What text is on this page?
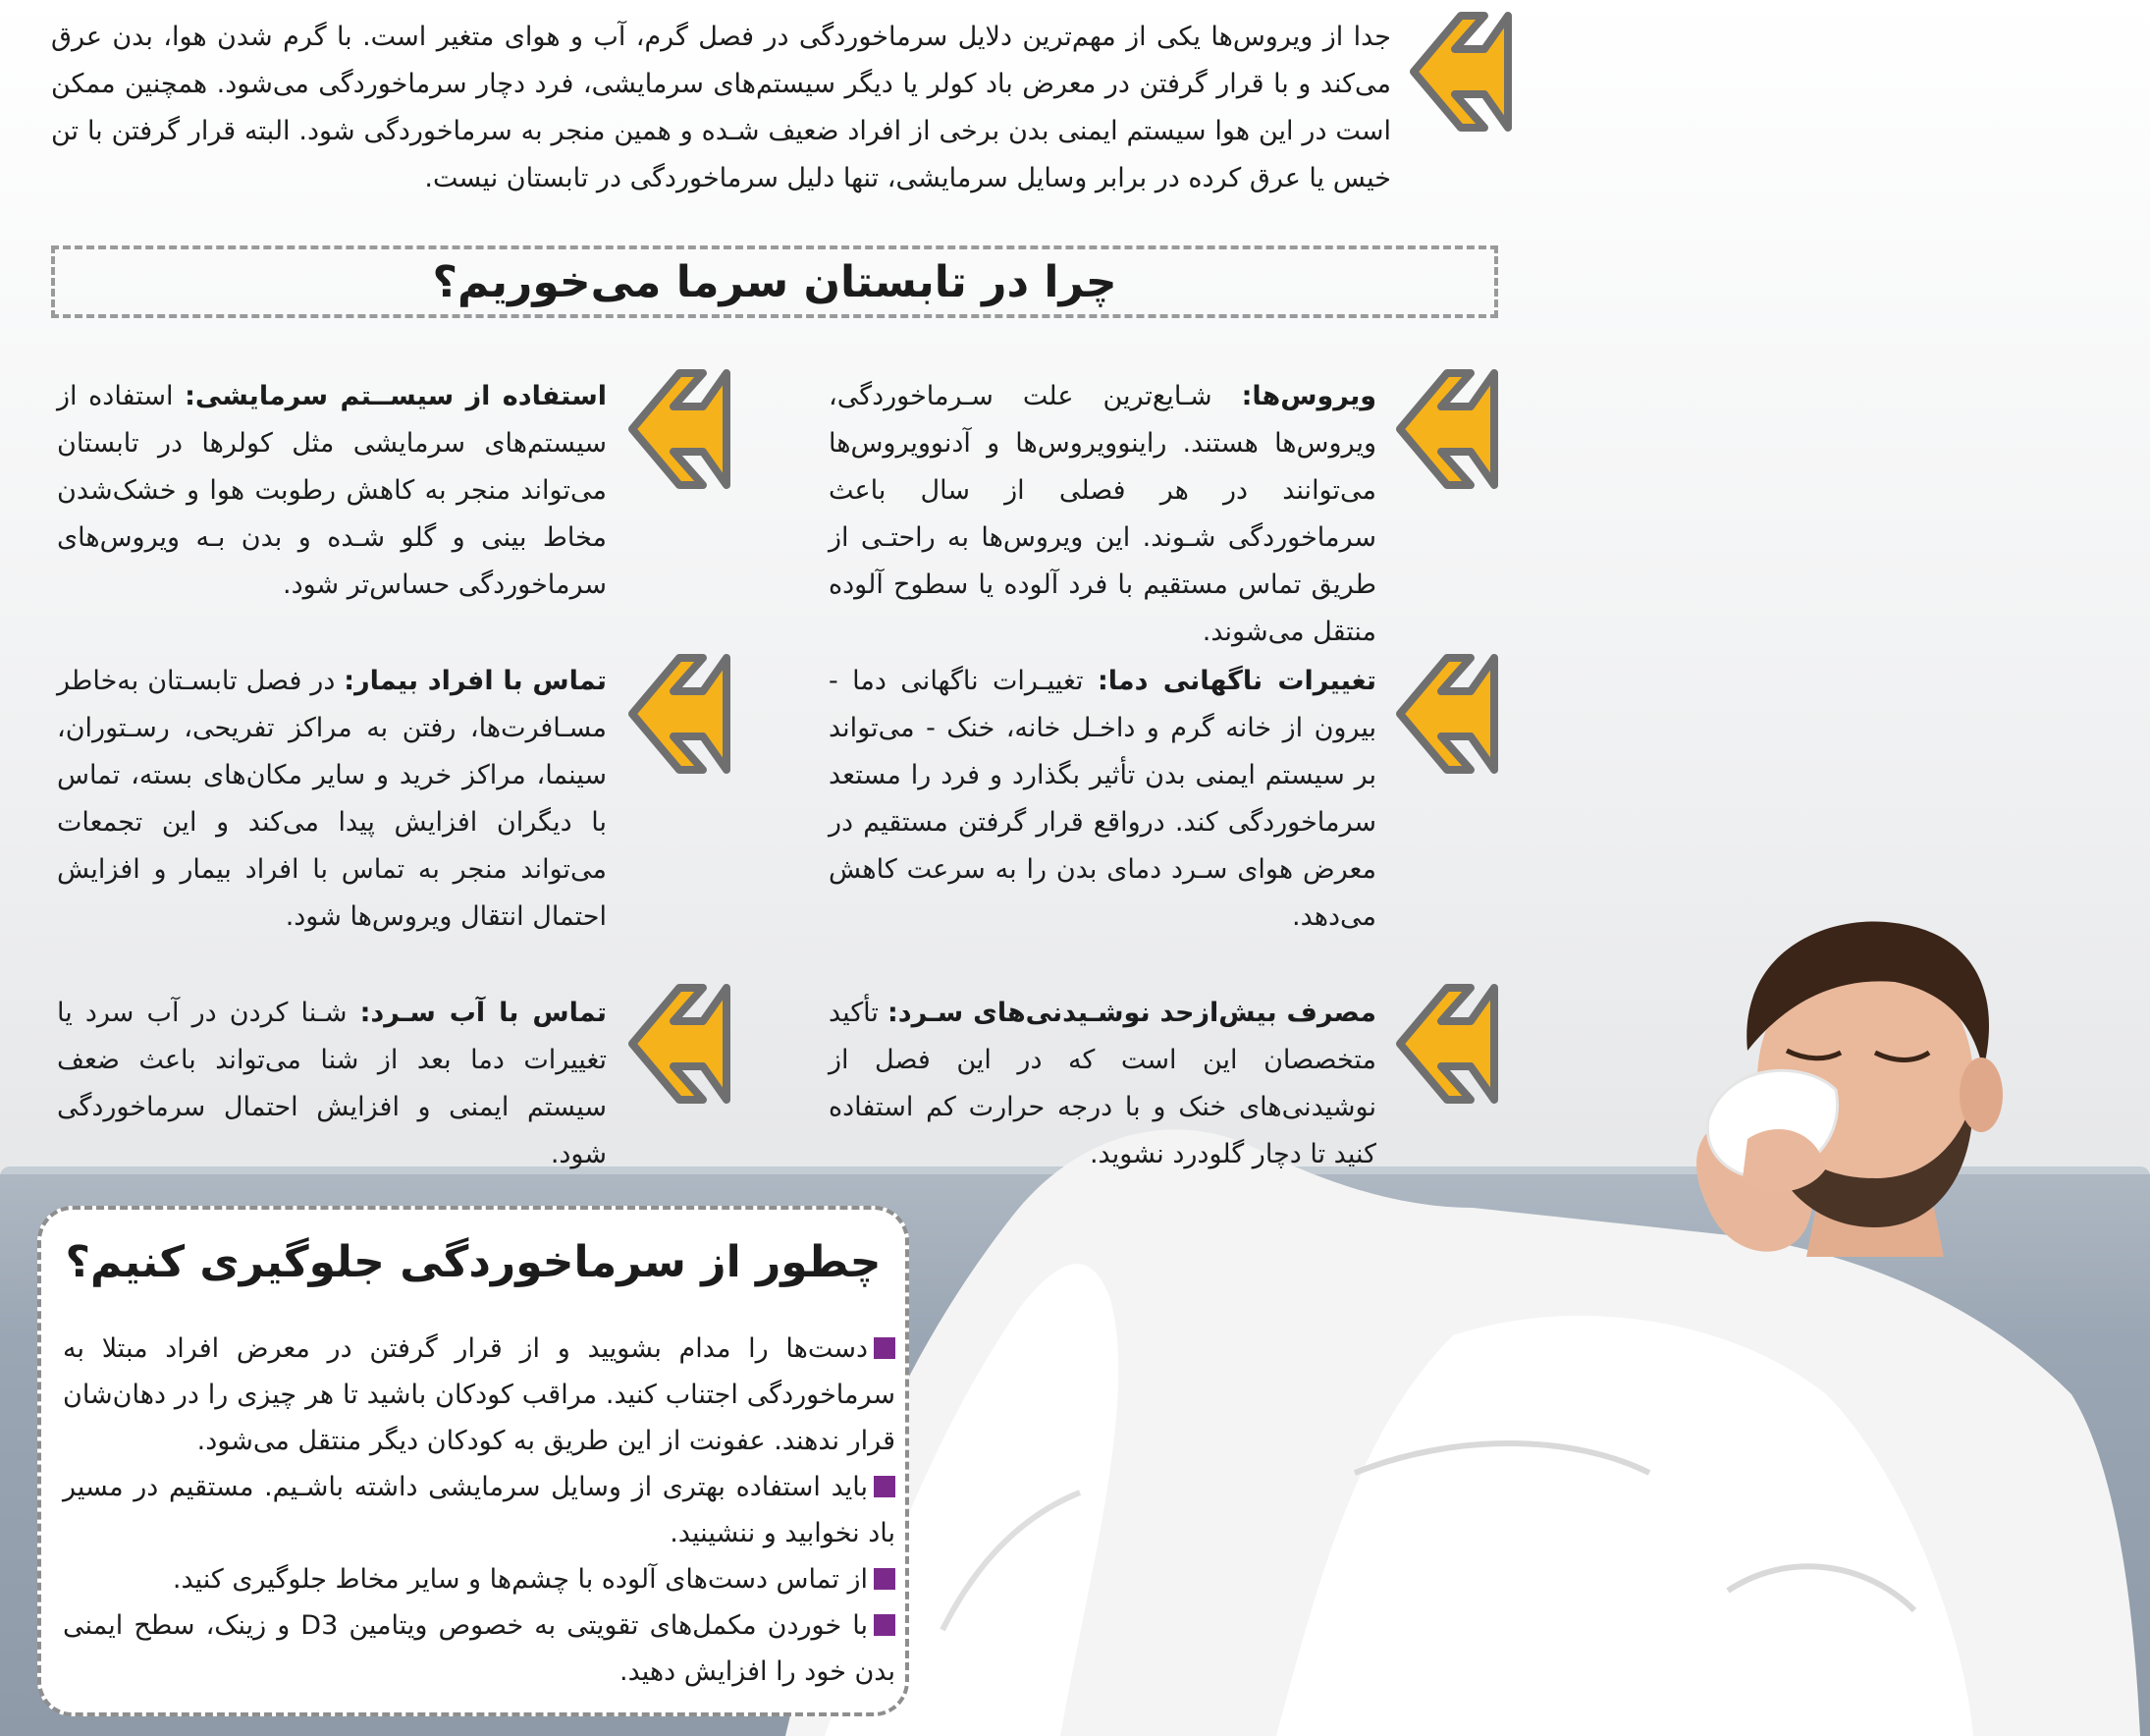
جدا از ویروس‌ها یکی از مهم‌ترین دلایل سرماخوردگی در فصل گرم، آب و هوای متغیر است. با گرم شدن هوا، بدن عرق می‌کند و با قرار گرفتن در معرض باد کولر یا دیگر سیستم‌های سرمایشی، فرد دچار سرماخوردگی می‌شود. همچنین ممکن است در این هوا سیستم ایمنی بدن برخی از افراد ضعیف شـده و همین منجر به سرماخوردگی شود. البته قرار گرفتن با تن خیس یا عرق کرده در برابر وسایل سرمایشی، تنها دلیل سرماخوردگی در تابستان نیست.
چرا در تابستان سرما می‌خوریم؟
ویروس‌ها: شـایع‌ترین علت سـرماخوردگی، ویروس‌ها هستند. راینوویروس‌ها و آدنوویروس‌ها می‌توانند در هر فصلی از سال باعث سرماخوردگی شـوند. این ویروس‌ها به راحتـی از طریق تماس مستقیم با فرد آلوده یا سطوح آلوده منتقل می‌شوند.
تغییرات ناگهانی دما: تغییـرات ناگهانی دما - بیرون از خانه گرم و داخـل خانه، خنک - می‌تواند بر سیستم ایمنی بدن تأثیر بگذارد و فرد را مستعد سرماخوردگی کند. درواقع قرار گرفتن مستقیم در معرض هوای سـرد دمای بدن را به سرعت کاهش می‌دهد.
مصرف بیش‌ازحد نوشـیدنی‌های سـرد: تأکید متخصصان این است که در این فصل از نوشیدنی‌های خنک و با درجه حرارت کم استفاده کنید تا دچار گلودرد نشوید.
استفاده از سیســتم سرمایشی: استفاده از سیستم‌های سرمایشی مثل کولرها در تابستان می‌تواند منجر به کاهش رطوبت هوا و خشک‌شدن مخاط بینی و گلو شـده و بدن بـه ویروس‌های سرماخوردگی حساس‌تر شود.
تماس با افراد بیمار: در فصل تابسـتان به‌خاطر مسـافرت‌ها، رفتن به مراکز تفریحی، رسـتوران، سینما، مراکز خرید و سایر مکان‌های بسته، تماس با دیگران افزایش پیدا می‌کند و این تجمعات می‌تواند منجر به تماس با افراد بیمار و افزایش احتمال انتقال ویروس‌ها شود.
تماس با آب سـرد: شـنا کردن در آب سرد یا تغییرات دما بعد از شنا می‌تواند باعث ضعف سیستم ایمنی و افزایش احتمال سرماخوردگی شود.
چطور از سرماخوردگی جلوگیری کنیم؟
دست‌ها را مدام بشویید و از قرار گرفتن در معرض افراد مبتلا به سرماخوردگی اجتناب کنید. مراقب کودکان باشید تا هر چیزی را در دهان‌شان قرار ندهند. عفونت از این طریق به کودکان دیگر منتقل می‌شود.
باید استفاده بهتری از وسایل سرمایشی داشته باشـیم. مستقیم در مسیر باد نخوابید و ننشینید.
از تماس دست‌های آلوده با چشم‌ها و سایر مخاط جلوگیری کنید.
با خوردن مکمل‌های تقویتی به خصوص ویتامین D3 و زینک، سطح ایمنی بدن خود را افزایش دهید.
